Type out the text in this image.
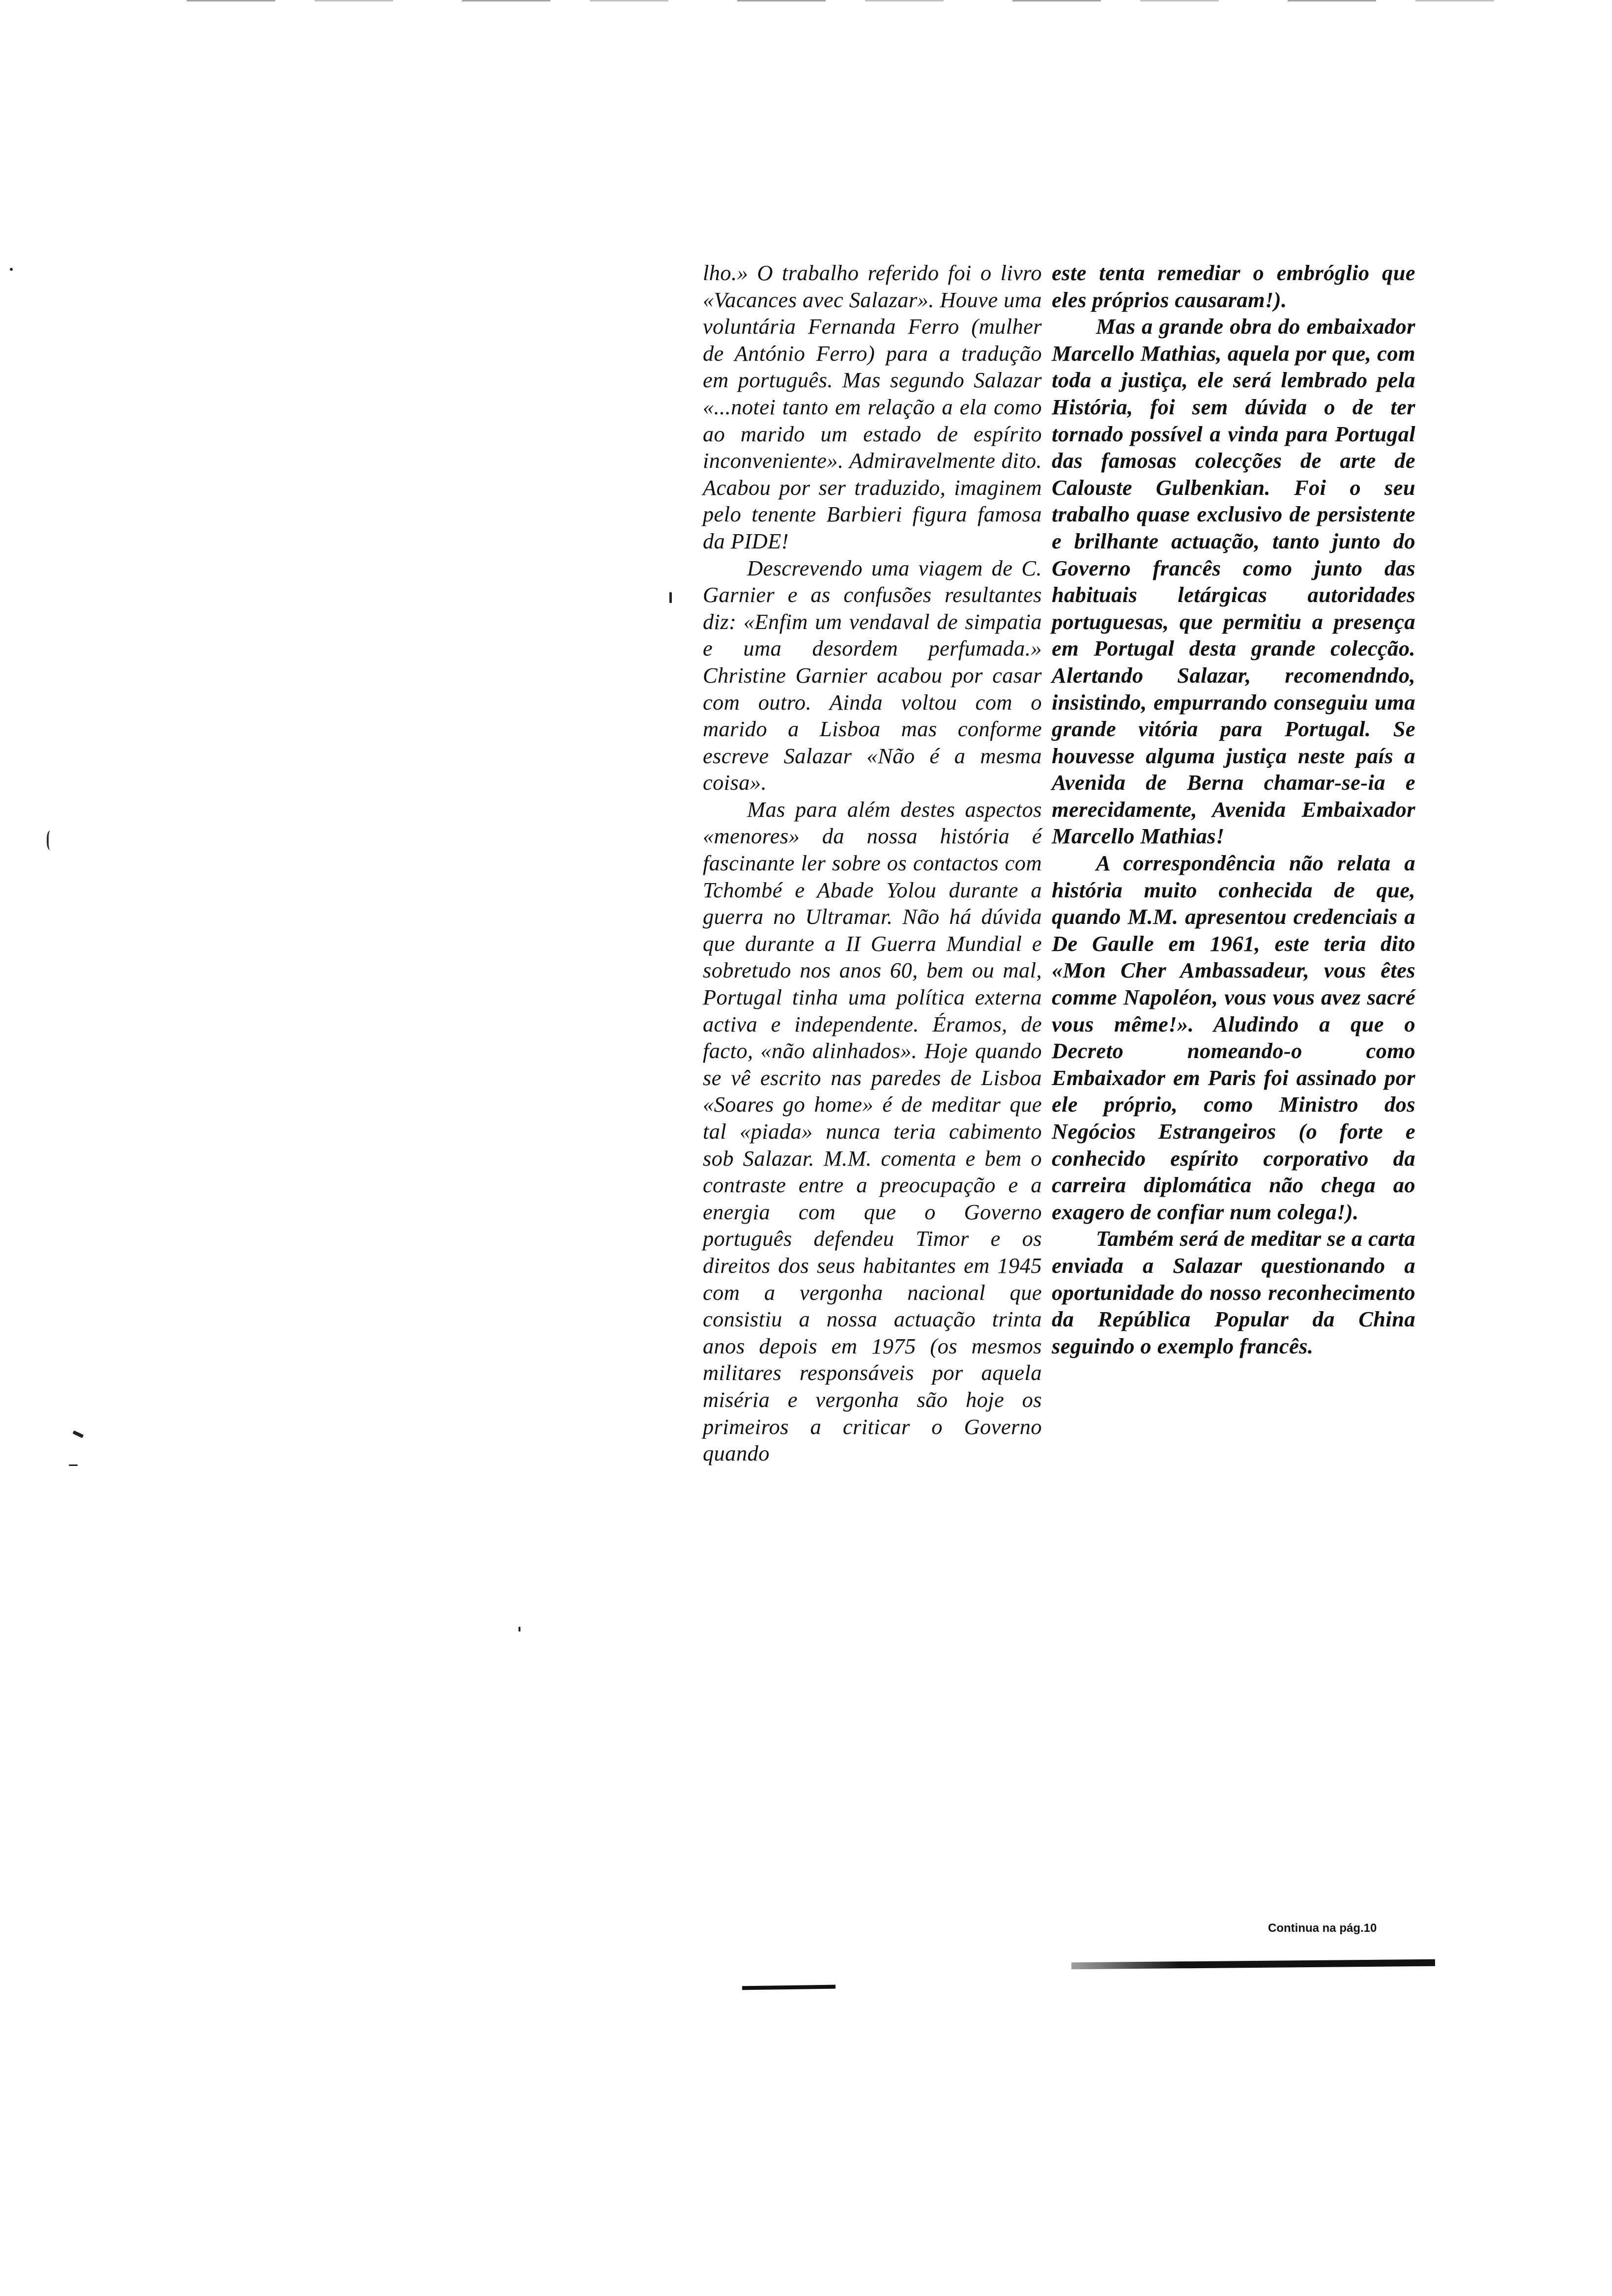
lho.» O trabalho referido foi o livro «Vacances avec Salazar». Houve uma voluntária Fernanda Ferro (mulher de António Ferro) para a tradução em português. Mas segundo Salazar «...notei tanto em relação a ela como ao marido um estado de espírito inconveniente». Admiravelmente dito. Acabou por ser traduzido, imaginem pelo tenente Barbieri figura famosa da PIDE!

Descrevendo uma viagem de C. Garnier e as confusões resultantes diz: «Enfim um vendaval de simpatia e uma desordem perfumada.» Christine Garnier acabou por casar com outro. Ainda voltou com o marido a Lisboa mas conforme escreve Salazar «Não é a mesma coisa».

Mas para além destes aspectos «menores» da nossa história é fascinante ler sobre os contactos com Tchombé e Abade Yolou durante a guerra no Ultramar. Não há dúvida que durante a II Guerra Mundial e sobretudo nos anos 60, bem ou mal, Portugal tinha uma política externa activa e independente. Éramos, de facto, «não alinhados». Hoje quando se vê escrito nas paredes de Lisboa «Soares go home» é de meditar que tal «piada» nunca teria cabimento sob Salazar. M.M. comenta e bem o contraste entre a preocupação e a energia com que o Governo português defendeu Timor e os direitos dos seus habitantes em 1945 com a vergonha nacional que consistiu a nossa actuação trinta anos depois em 1975 (os mesmos militares responsáveis por aquela miséria e vergonha são hoje os primeiros a criticar o Governo quando

este tenta remediar o embróglio que eles próprios causaram!).

Mas a grande obra do embaixador Marcello Mathias, aquela por que, com toda a justiça, ele será lembrado pela História, foi sem dúvida o de ter tornado possível a vinda para Portugal das famosas colecções de arte de Calouste Gulbenkian. Foi o seu trabalho quase exclusivo de persistente e brilhante actuação, tanto junto do Governo francês como junto das habituais letárgicas autoridades portuguesas, que permitiu a presença em Portugal desta grande colecção. Alertando Salazar, recomendndo, insistindo, empurrando conseguiu uma grande vitória para Portugal. Se houvesse alguma justiça neste país a Avenida de Berna chamar-se-ia e merecidamente, Avenida Embaixador Marcello Mathias!

A correspondência não relata a história muito conhecida de que, quando M.M. apresentou credenciais a De Gaulle em 1961, este teria dito «Mon Cher Ambassadeur, vous êtes comme Napoléon, vous vous avez sacré vous même!». Aludindo a que o Decreto nomeando-o como Embaixador em Paris foi assinado por ele próprio, como Ministro dos Negócios Estrangeiros (o forte e conhecido espírito corporativo da carreira diplomática não chega ao exagero de confiar num colega!).

Também será de meditar se a carta enviada a Salazar questionando a oportunidade do nosso reconhecimento da República Popular da China seguindo o exemplo francês.

Continua na pág.10
